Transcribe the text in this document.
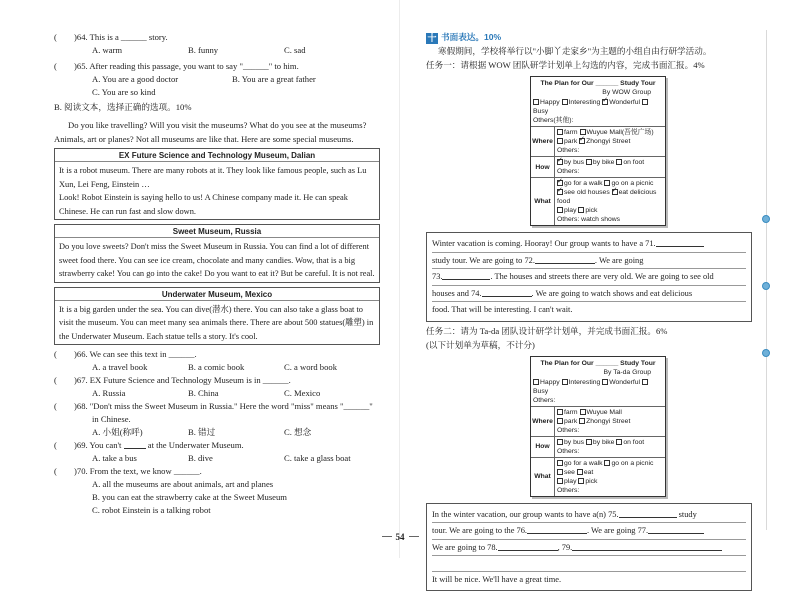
(　　)64. This is a ______ story.
A. warm	B. funny	C. sad
(　　)65. After reading this passage, you want to say "______" to him.
A. You are a good doctor	B. You are a great father
C. You are so kind
B. 阅读文本，选择正确的选项。10%
Do you like travelling? Will you visit the museums? What do you see at the museums? Animals, art or planes? Not all museums are like that. Here are some special museums.
EX Future Science and Technology Museum, Dalian
It is a robot museum. There are many robots at it. They look like famous people, such as Lu Xun, Lei Feng, Einstein …
Look! Robot Einstein is saying hello to us! A Chinese company made it. He can speak Chinese. He can run fast and slow down.
Sweet Museum, Russia
Do you love sweets? Don't miss the Sweet Museum in Russia. You can find a lot of different sweet food there. You can see ice cream, chocolate and many candies. Wow, that is a big strawberry cake! You can go into the cake! Do you want to eat it? But be careful. It is not real.
Underwater Museum, Mexico
It is a big garden under the sea. You can dive(潜水) there. You can also take a glass boat to visit the museum. You can meet many sea animals there. There are about 500 statues(雕塑) in the Underwater Museum. Each statue tells a story. It's cool.
(　　)66. We can see this text in ______.
A. a travel book	B. a comic book	C. a word book
(　　)67. EX Future Science and Technology Museum is in ______.
A. Russia	B. China	C. Mexico
(　　)68. "Don't miss the Sweet Museum in Russia." Here the word "miss" means "______"
in Chinese.
A. 小姐(称呼)	B. 错过	C. 想念
(　　)69. You can't	at the Underwater Museum.
A. take a bus	B. dive	C. take a glass boat
(　　)70. From the text, we know ______.
A. all the museums are about animals, art and planes
B. you can eat the strawberry cake at the Sweet Museum
C. robot Einstein is a talking robot
十 书面表达。10%
寒假期间，学校将举行以"小脚丫走家乡"为主题的小组自由行研学活动。
任务一：请根据 WOW 团队研学计划单上勾选的内容，完成书面汇报。4%
The Plan for Our ______ Study Tour
By WOW Group
Happy Interesting ✓ Wonderful Busy
Others(其他):
Where
farm Wuyue Mall(吾悦广场)
park ✓ Zhongyi Street
Others:
How
✓by bus by bike on foot
Others:
What
✓go for a walk go on a picnic
✓see old houses ✓ eat delicious food
play pick
Others: watch shows
Winter vacation is coming. Hooray! Our group wants to have a 71.
study tour. We are going to 72.	. We are going
73.	. The houses and streets there are very old. We are going to see old
houses and 74.	. We are going to watch shows and eat delicious
food. That will be interesting. I can't wait.
任务二：请为 Ta-da 团队设计研学计划单，并完成书面汇报。6%
(以下计划单为草稿，不计分)
The Plan for Our ______ Study Tour
By Ta-da Group
Happy Interesting Wonderful Busy
Others:
Where
farm Wuyue Mall
park Zhongyi Street
Others:
How
by bus by bike on foot
Others:
What
go for a walk go on a picnic
see eat
play pick
Others:
In the winter vacation, our group wants to have a(n) 75.	study
tour. We are going to the 76.	. We are going 77.
We are going to 78.	, 79.
It will be nice. We'll have a great time.
54
